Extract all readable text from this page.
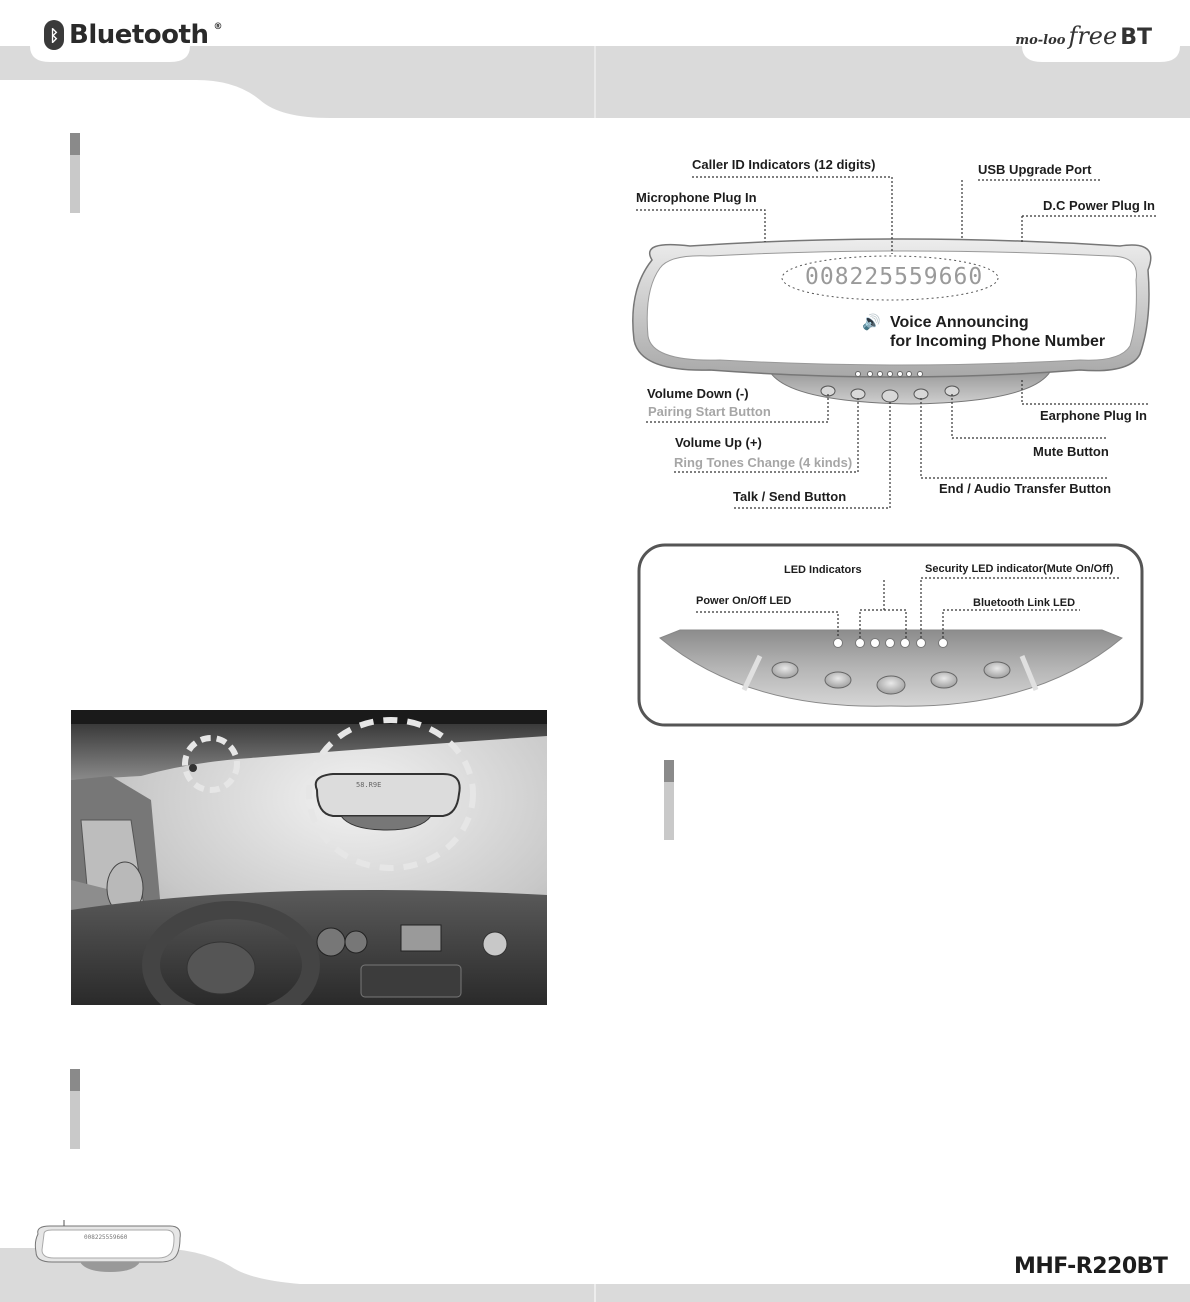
ᛒ Bluetooth ®
mo-loo free BT
008225559660
🔊 Voice Announcing
for Incoming Phone Number
Caller ID Indicators (12 digits)
Microphone Plug In
USB Upgrade Port
D.C Power Plug In
Volume Down (-)
Pairing Start Button
Volume Up (+)
Ring Tones Change (4 kinds)
Talk / Send Button
Earphone Plug In
Mute Button
End / Audio Transfer Button
LED Indicators	Security LED indicator(Mute On/Off)
Power On/Off LED	Bluetooth Link LED
58.R9E
008225559660
MHF-R220BT
